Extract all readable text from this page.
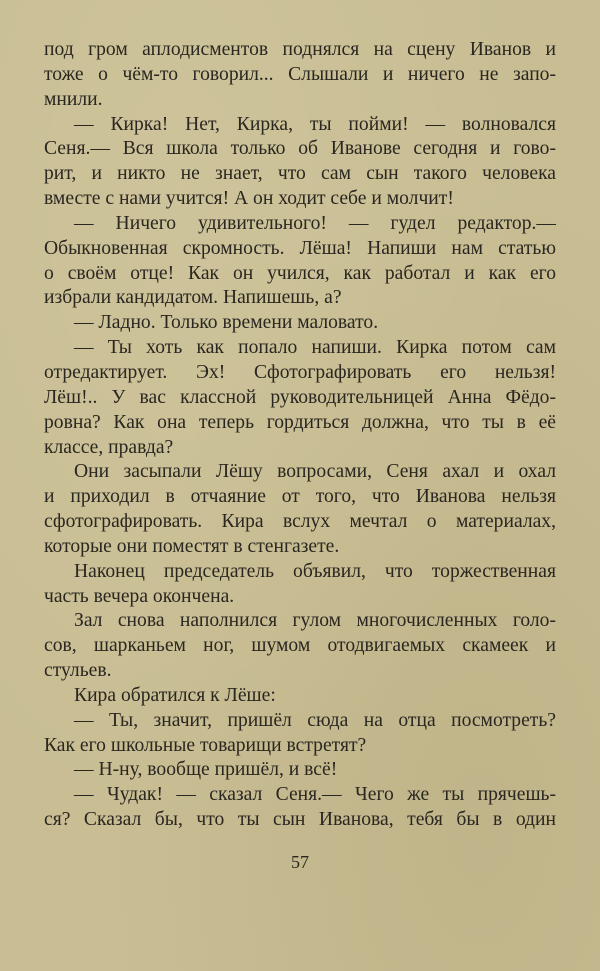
под гром аплодисментов поднялся на сцену Иванов и
тоже о чём-то говорил... Слышали и ничего не запо-
мнили.
— Кирка! Нет, Кирка, ты пойми! — волновался
Сеня.— Вся школа только об Иванове сегодня и гово-
рит, и никто не знает, что сам сын такого человека
вместе с нами учится! А он ходит себе и молчит!
— Ничего удивительного! — гудел редактор.—
Обыкновенная скромность. Лёша! Напиши нам статью
о своём отце! Как он учился, как работал и как его
избрали кандидатом. Напишешь, а?
— Ладно. Только времени маловато.
— Ты хоть как попало напиши. Кирка потом сам
отредактирует. Эх! Сфотографировать его нельзя!
Лёш!.. У вас классной руководительницей Анна Фёдо-
ровна? Как она теперь гордиться должна, что ты в её
классе, правда?
Они засыпали Лёшу вопросами, Сеня ахал и охал
и приходил в отчаяние от того, что Иванова нельзя
сфотографировать. Кира вслух мечтал о материалах,
которые они поместят в стенгазете.
Наконец председатель объявил, что торжественная
часть вечера окончена.
Зал снова наполнился гулом многочисленных голо-
сов, шарканьем ног, шумом отодвигаемых скамеек и
стульев.
Кира обратился к Лёше:
— Ты, значит, пришёл сюда на отца посмотреть?
Как его школьные товарищи встретят?
— Н-ну, вообще пришёл, и всё!
— Чудак! — сказал Сеня.— Чего же ты прячешь-
ся? Сказал бы, что ты сын Иванова, тебя бы в один
57
